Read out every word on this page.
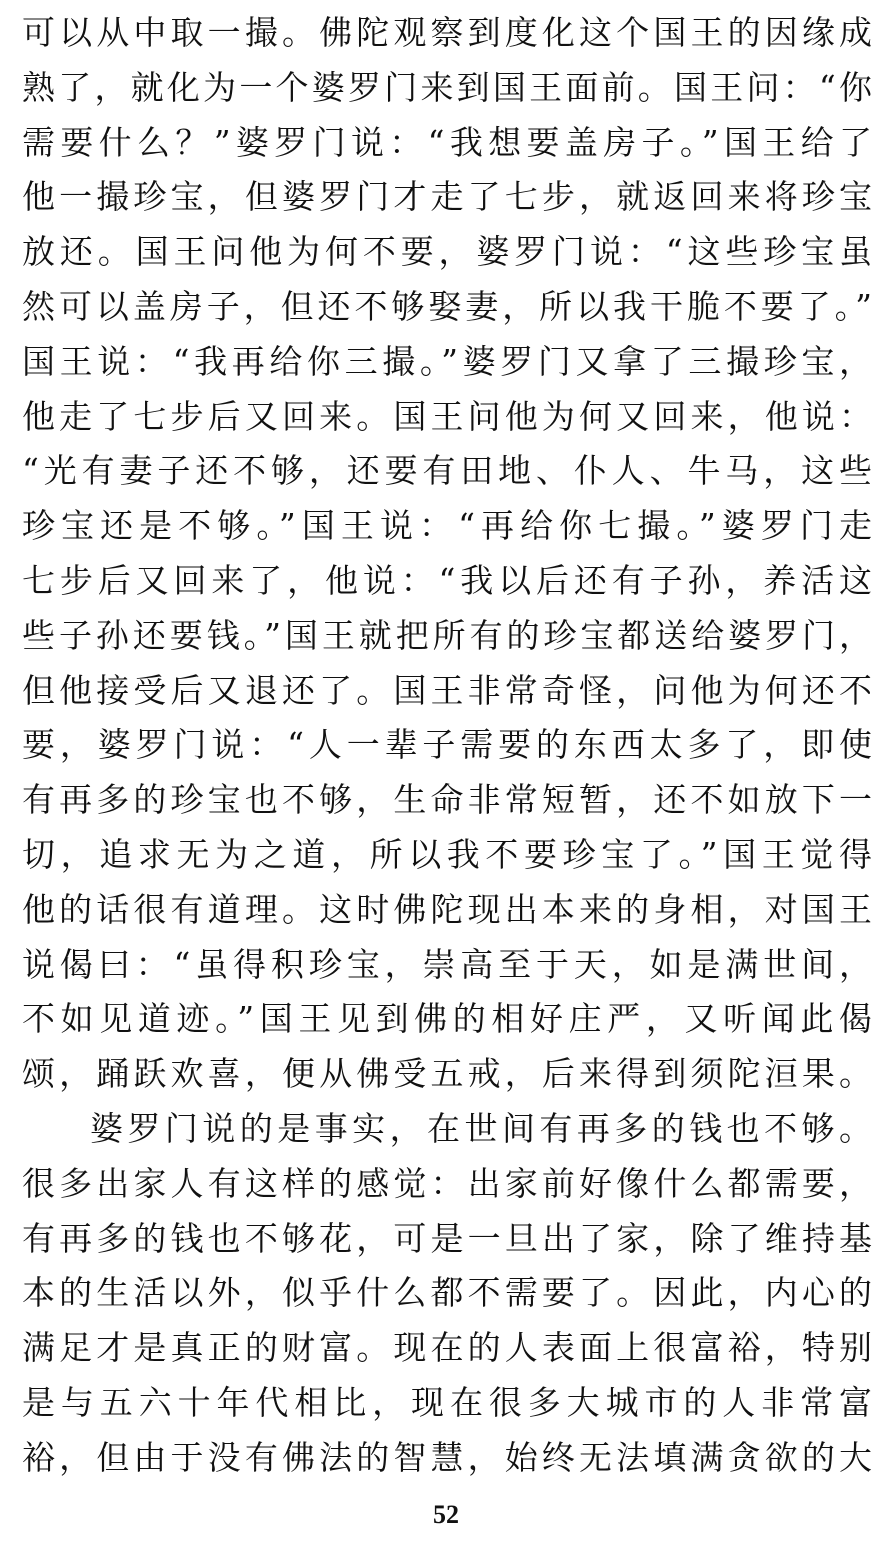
可以从中取一撮。佛陀观察到度化这个国王的因缘成
熟了，就化为一个婆罗门来到国王面前。国王问：“你
需要什么？”婆罗门说：“我想要盖房子。”国王给了
他一撮珍宝，但婆罗门才走了七步，就返回来将珍宝
放还。国王问他为何不要，婆罗门说：“这些珍宝虽
然可以盖房子，但还不够娶妻，所以我干脆不要了。”
国王说：“我再给你三撮。”婆罗门又拿了三撮珍宝，
他走了七步后又回来。国王问他为何又回来，他说：
“光有妻子还不够，还要有田地、仆人、牛马，这些
珍宝还是不够。”国王说：“再给你七撮。”婆罗门走
七步后又回来了，他说：“我以后还有子孙，养活这
些子孙还要钱。”国王就把所有的珍宝都送给婆罗门，
但他接受后又退还了。国王非常奇怪，问他为何还不
要，婆罗门说：“人一辈子需要的东西太多了，即使
有再多的珍宝也不够，生命非常短暂，还不如放下一
切，追求无为之道，所以我不要珍宝了。”国王觉得
他的话很有道理。这时佛陀现出本来的身相，对国王
说偈曰：“虽得积珍宝，崇高至于天，如是满世间，
不如见道迹。”国王见到佛的相好庄严，又听闻此偈
颂，踊跃欢喜，便从佛受五戒，后来得到须陀洹果。
婆罗门说的是事实，在世间有再多的钱也不够。
很多出家人有这样的感觉：出家前好像什么都需要，
有再多的钱也不够花，可是一旦出了家，除了维持基
本的生活以外，似乎什么都不需要了。因此，内心的
满足才是真正的财富。现在的人表面上很富裕，特别
是与五六十年代相比，现在很多大城市的人非常富
裕，但由于没有佛法的智慧，始终无法填满贪欲的大
52
